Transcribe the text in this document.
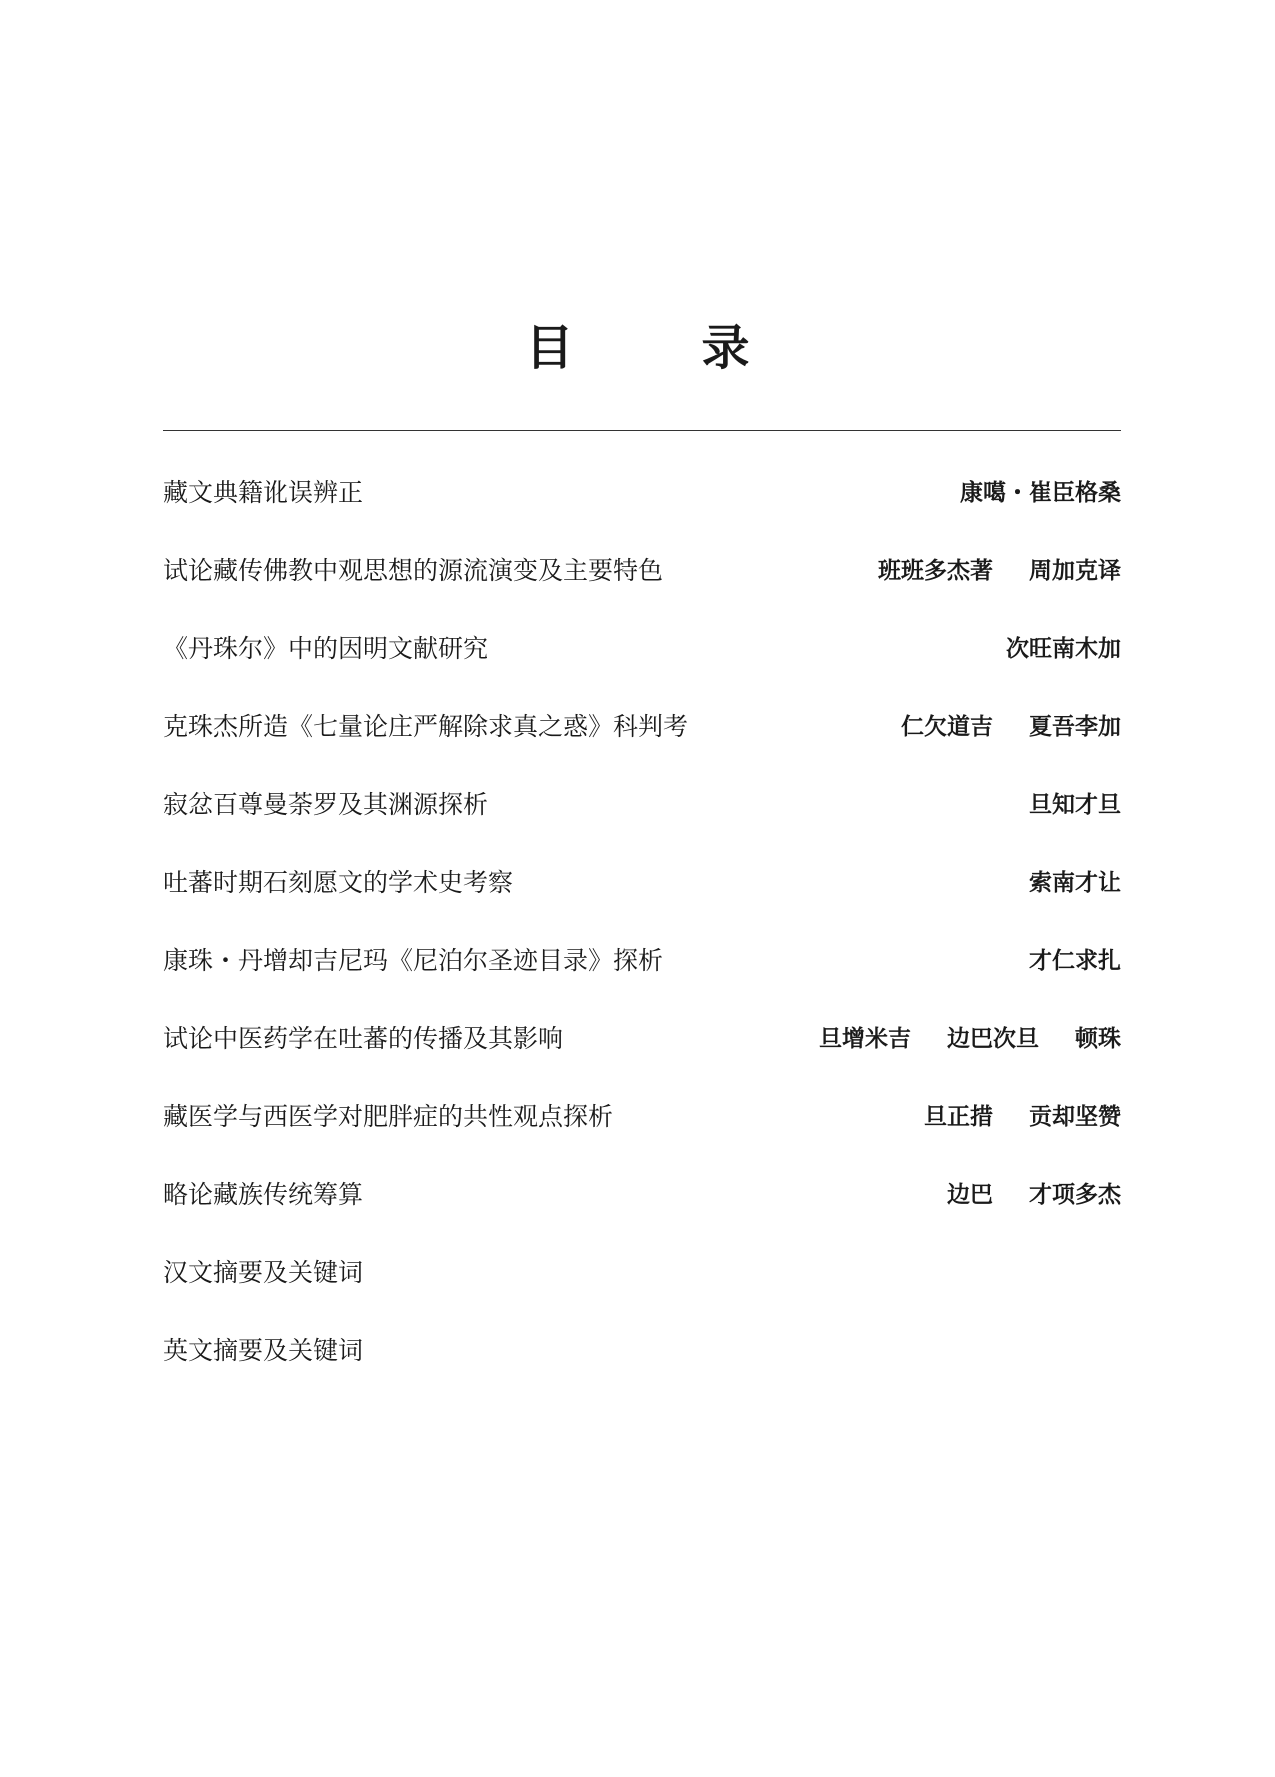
目录
藏文典籍讹误辨正	康噶・崔臣格桑
试论藏传佛教中观思想的源流演变及主要特色	班班多杰著 周加克译
《丹珠尔》中的因明文献研究	次旺南木加
克珠杰所造《七量论庄严解除求真之惑》科判考	仁欠道吉 夏吾李加
寂忿百尊曼荼罗及其渊源探析	旦知才旦
吐蕃时期石刻愿文的学术史考察	索南才让
康珠・丹增却吉尼玛《尼泊尔圣迹目录》探析	才仁求扎
试论中医药学在吐蕃的传播及其影响	旦增米吉 边巴次旦 顿珠
藏医学与西医学对肥胖症的共性观点探析	旦正措 贡却坚赞
略论藏族传统筹算	边巴 才项多杰
汉文摘要及关键词
英文摘要及关键词
